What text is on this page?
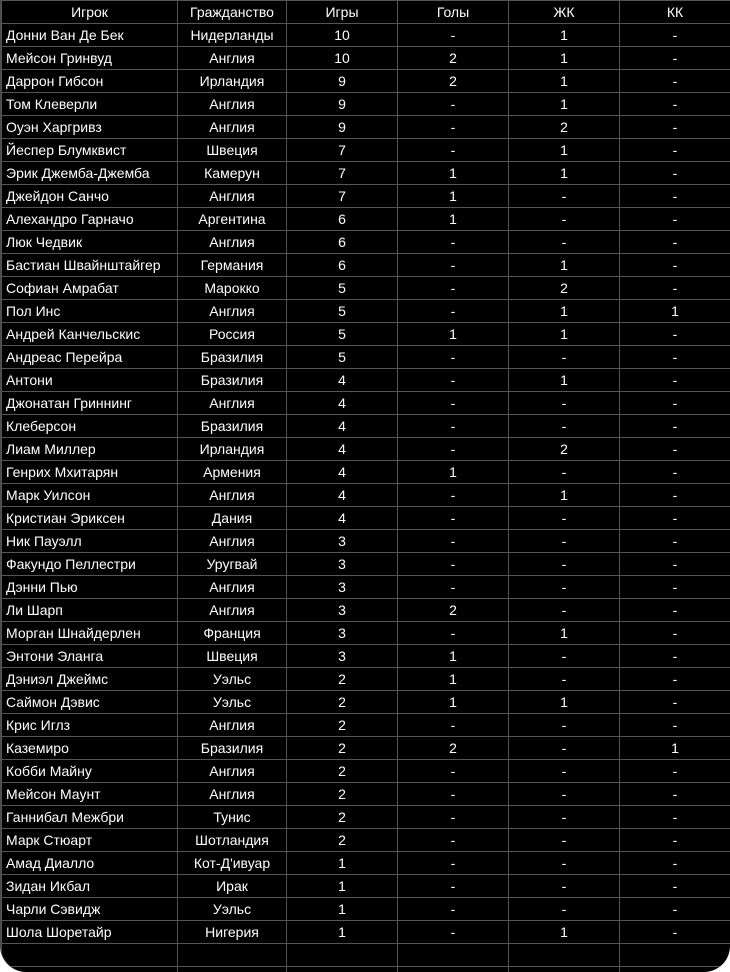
Игрок	Гражданство	Игры	Голы	ЖК	КК
Донни Ван Де Бек	Нидерланды	10	-	1	-
Мейсон Гринвуд	Англия	10	2	1	-
Даррон Гибсон	Ирландия	9	2	1	-
Том Клеверли	Англия	9	-	1	-
Оуэн Харгривз	Англия	9	-	2	-
Йеспер Блумквист	Швеция	7	-	1	-
Эрик Джемба-Джемба	Камерун	7	1	1	-
Джейдон Санчо	Англия	7	1	-	-
Алехандро Гарначо	Аргентина	6	1	-	-
Люк Чедвик	Англия	6	-	-	-
Бастиан Швайнштайгер	Германия	6	-	1	-
Софиан Амрабат	Марокко	5	-	2	-
Пол Инс	Англия	5	-	1	1
Андрей Канчельскис	Россия	5	1	1	-
Андреас Перейра	Бразилия	5	-	-	-
Антони	Бразилия	4	-	1	-
Джонатан Гриннинг	Англия	4	-	-	-
Клеберсон	Бразилия	4	-	-	-
Лиам Миллер	Ирландия	4	-	2	-
Генрих Мхитарян	Армения	4	1	-	-
Марк Уилсон	Англия	4	-	1	-
Кристиан Эриксен	Дания	4	-	-	-
Ник Пауэлл	Англия	3	-	-	-
Факундо Пеллестри	Уругвай	3	-	-	-
Дэнни Пью	Англия	3	-	-	-
Ли Шарп	Англия	3	2	-	-
Морган Шнайдерлен	Франция	3	-	1	-
Энтони Эланга	Швеция	3	1	-	-
Дэниэл Джеймс	Уэльс	2	1	-	-
Саймон Дэвис	Уэльс	2	1	1	-
Крис Иглз	Англия	2	-	-	-
Каземиро	Бразилия	2	2	-	1
Кобби Майну	Англия	2	-	-	-
Мейсон Маунт	Англия	2	-	-	-
Ганнибал Межбри	Тунис	2	-	-	-
Марк Стюарт	Шотландия	2	-	-	-
Амад Диалло	Кот-Д'ивуар	1	-	-	-
Зидан Икбал	Ирак	1	-	-	-
Чарли Сэвидж	Уэльс	1	-	-	-
Шола Шоретайр	Нигерия	1	-	1	-
